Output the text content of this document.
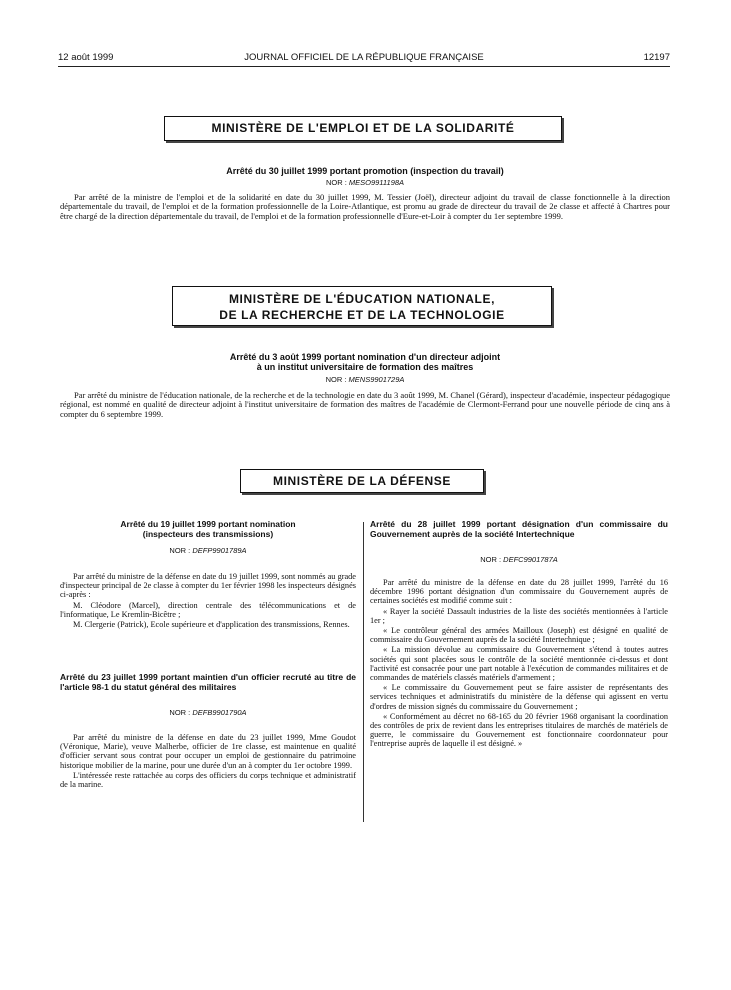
12 août 1999	JOURNAL OFFICIEL DE LA RÉPUBLIQUE FRANÇAISE	12197
MINISTÈRE DE L'EMPLOI ET DE LA SOLIDARITÉ
Arrêté du 30 juillet 1999 portant promotion (inspection du travail)
NOR : MESO9911198A
Par arrêté de la ministre de l'emploi et de la solidarité en date du 30 juillet 1999, M. Tessier (Joël), directeur adjoint du travail de classe fonctionnelle à la direction départementale du travail, de l'emploi et de la formation professionnelle de la Loire-Atlantique, est promu au grade de directeur du travail de 2e classe et affecté à Chartres pour être chargé de la direction départementale du travail, de l'emploi et de la formation professionnelle d'Eure-et-Loir à compter du 1er septembre 1999.
MINISTÈRE DE L'ÉDUCATION NATIONALE,
DE LA RECHERCHE ET DE LA TECHNOLOGIE
Arrêté du 3 août 1999 portant nomination d'un directeur adjoint
à un institut universitaire de formation des maîtres
NOR : MENS9901729A
Par arrêté du ministre de l'éducation nationale, de la recherche et de la technologie en date du 3 août 1999, M. Chanel (Gérard), inspecteur d'académie, inspecteur pédagogique régional, est nommé en qualité de directeur adjoint à l'institut universitaire de formation des maîtres de l'académie de Clermont-Ferrand pour une nouvelle période de cinq ans à compter du 6 septembre 1999.
MINISTÈRE DE LA DÉFENSE
Arrêté du 19 juillet 1999 portant nomination
(inspecteurs des transmissions)
NOR : DEFP9901789A

Par arrêté du ministre de la défense en date du 19 juillet 1999, sont nommés au grade d'inspecteur principal de 2e classe à compter du 1er février 1998 les inspecteurs désignés ci-après :

M. Cléodore (Marcel), direction centrale des télécommunications et de l'informatique, Le Kremlin-Bicêtre ;

M. Clergerie (Patrick), Ecole supérieure et d'application des transmissions, Rennes.

Arrêté du 23 juillet 1999 portant maintien d'un officier recruté au titre de l'article 98-1 du statut général des militaires
NOR : DEFB9901790A

Par arrêté du ministre de la défense en date du 23 juillet 1999, Mme Goudot (Véronique, Marie), veuve Malherbe, officier de 1re classe, est maintenue en qualité d'officier servant sous contrat pour occuper un emploi de gestionnaire du patrimoine historique mobilier de la marine, pour une durée d'un an à compter du 1er octobre 1999.

L'intéressée reste rattachée au corps des officiers du corps technique et administratif de la marine.

Arrêté du 28 juillet 1999 portant désignation d'un commissaire du Gouvernement auprès de la société Intertechnique
NOR : DEFC9901787A

Par arrêté du ministre de la défense en date du 28 juillet 1999, l'arrêté du 16 décembre 1996 portant désignation d'un commissaire du Gouvernement auprès de certaines sociétés est modifié comme suit :

« Rayer la société Dassault industries de la liste des sociétés mentionnées à l'article 1er ;

« Le contrôleur général des armées Mailloux (Joseph) est désigné en qualité de commissaire du Gouvernement auprès de la société Intertechnique ;

« La mission dévolue au commissaire du Gouvernement s'étend à toutes autres sociétés qui sont placées sous le contrôle de la société mentionnée ci-dessus et dont l'activité est consacrée pour une part notable à l'exécution de commandes militaires et de commandes de matériels classés matériels d'armement ;

« Le commissaire du Gouvernement peut se faire assister de représentants des services techniques et administratifs du ministère de la défense qui agissent en vertu d'ordres de mission signés du commissaire du Gouvernement ;

« Conformément au décret no 68-165 du 20 février 1968 organisant la coordination des contrôles de prix de revient dans les entreprises titulaires de marchés de matériels de guerre, le commissaire du Gouvernement est fonctionnaire coordonnateur pour l'entreprise auprès de laquelle il est désigné. »
